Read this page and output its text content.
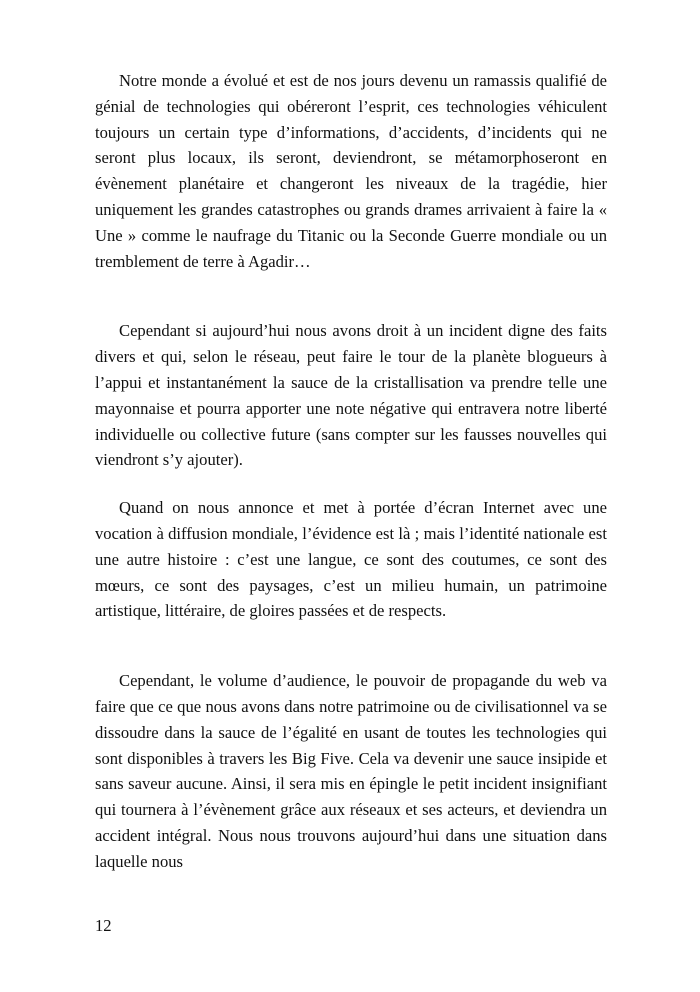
Notre monde a évolué et est de nos jours devenu un ramassis qualifié de génial de technologies qui obéreront l’esprit, ces technologies véhiculent toujours un certain type d’informations, d’accidents, d’incidents qui ne seront plus locaux, ils seront, deviendront, se métamorphoseront en évènement planétaire et changeront les niveaux de la tragédie, hier uniquement les grandes catastrophes ou grands drames arrivaient à faire la « Une » comme le naufrage du Titanic ou la Seconde Guerre mondiale ou un tremblement de terre à Agadir…

Cependant si aujourd’hui nous avons droit à un incident digne des faits divers et qui, selon le réseau, peut faire le tour de la planète blogueurs à l’appui et instantanément la sauce de la cristallisation va prendre telle une mayonnaise et pourra apporter une note négative qui entravera notre liberté individuelle ou collective future (sans compter sur les fausses nouvelles qui viendront s’y ajouter).

Quand on nous annonce et met à portée d’écran Internet avec une vocation à diffusion mondiale, l’évidence est là ; mais l’identité nationale est une autre histoire : c’est une langue, ce sont des coutumes, ce sont des mœurs, ce sont des paysages, c’est un milieu humain, un patrimoine artistique, littéraire, de gloires passées et de respects.

Cependant, le volume d’audience, le pouvoir de propagande du web va faire que ce que nous avons dans notre patrimoine ou de civilisationnel va se dissoudre dans la sauce de l’égalité en usant de toutes les technologies qui sont disponibles à travers les Big Five. Cela va devenir une sauce insipide et sans saveur aucune. Ainsi, il sera mis en épingle le petit incident insignifiant qui tournera à l’évènement grâce aux réseaux et ses acteurs, et deviendra un accident intégral. Nous nous trouvons aujourd’hui dans une situation dans laquelle nous

12
